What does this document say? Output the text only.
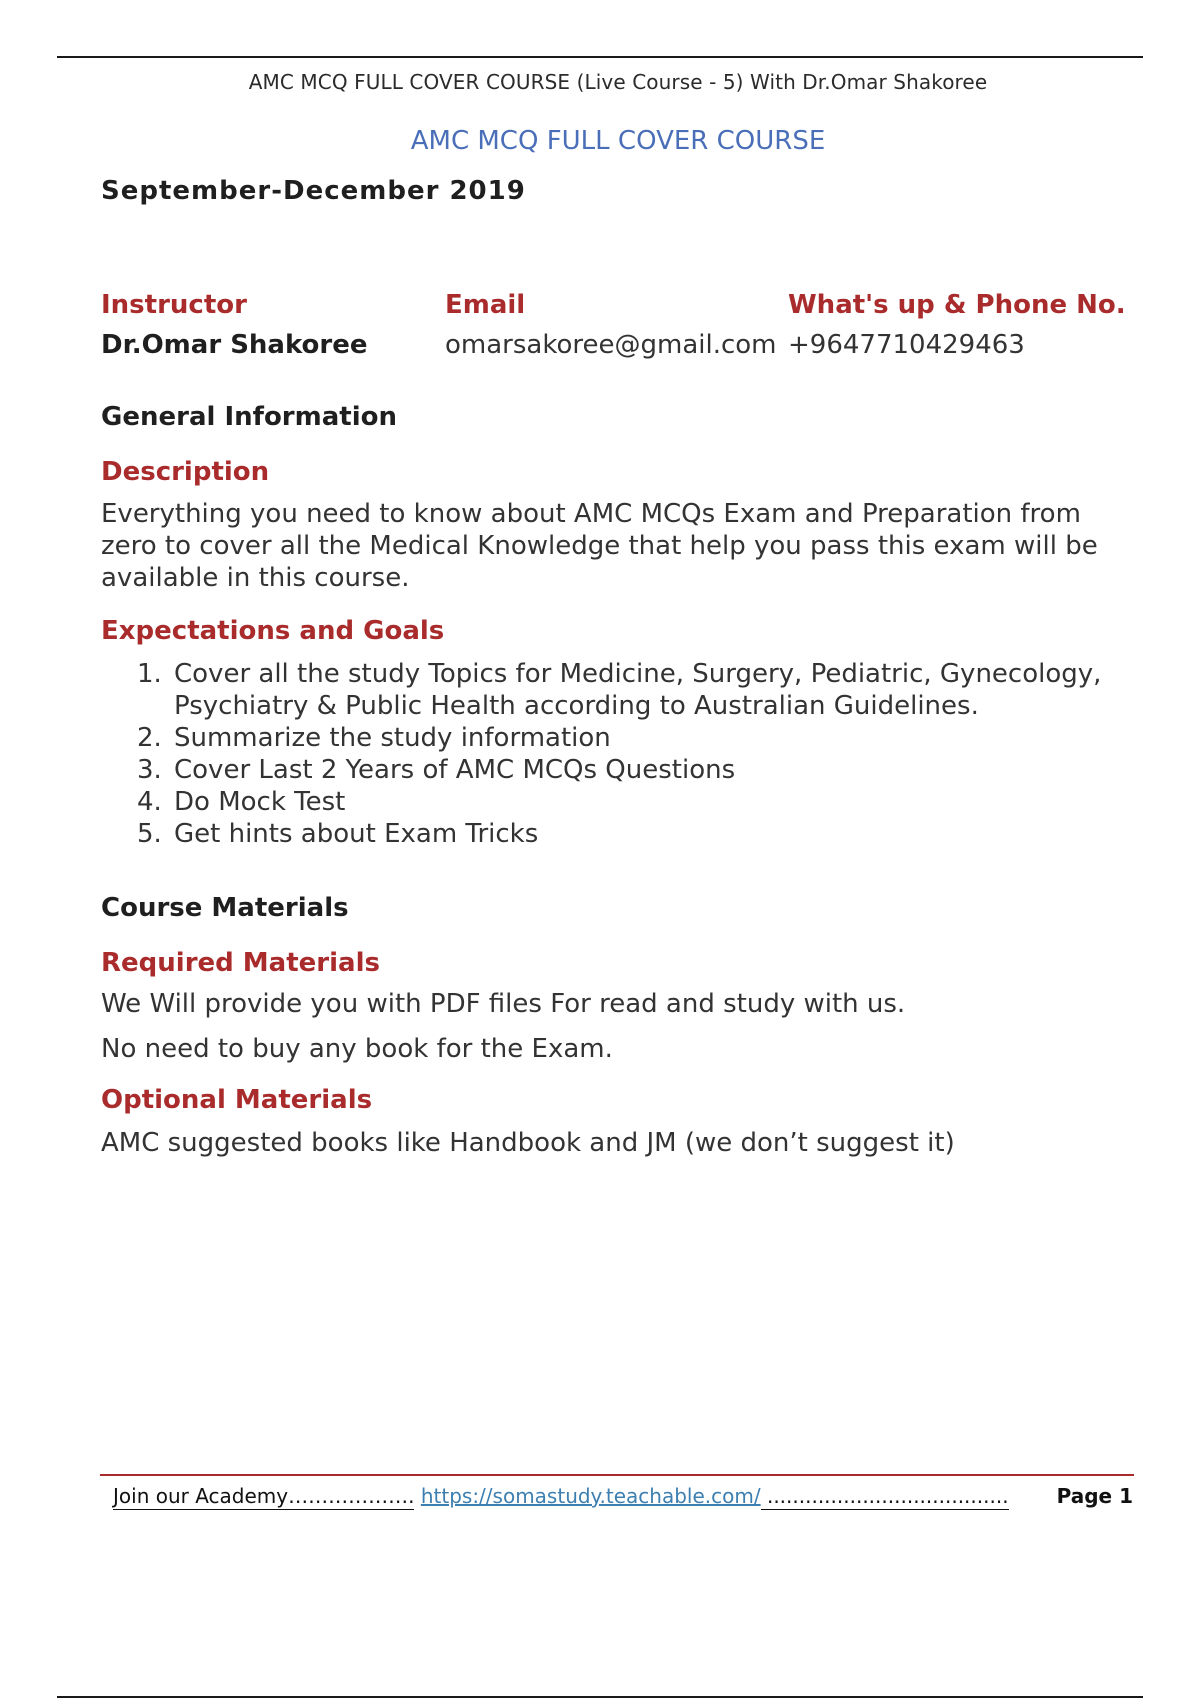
AMC MCQ FULL COVER COURSE (Live Course - 5) With Dr.Omar Shakoree
AMC MCQ FULL COVER COURSE
September-December 2019
Instructor	Email	What's up & Phone No.
Dr.Omar Shakoree	omarsakoree@gmail.com +9647710429463
General Information
Description
Everything you need to know about AMC MCQs Exam and Preparation from zero to cover all the Medical Knowledge that help you pass this exam will be available in this course.
Expectations and Goals
1. Cover all the study Topics for Medicine, Surgery, Pediatric, Gynecology, Psychiatry & Public Health according to Australian Guidelines.
2. Summarize the study information
3. Cover Last 2 Years of AMC MCQs Questions
4. Do Mock Test
5. Get hints about Exam Tricks
Course Materials
Required Materials
We Will provide you with PDF files For read and study with us.
No need to buy any book for the Exam.
Optional Materials
AMC suggested books like Handbook and JM (we don’t suggest it)
Join our Academy………………. https://somastudy.teachable.com/ ...................................... Page 1
